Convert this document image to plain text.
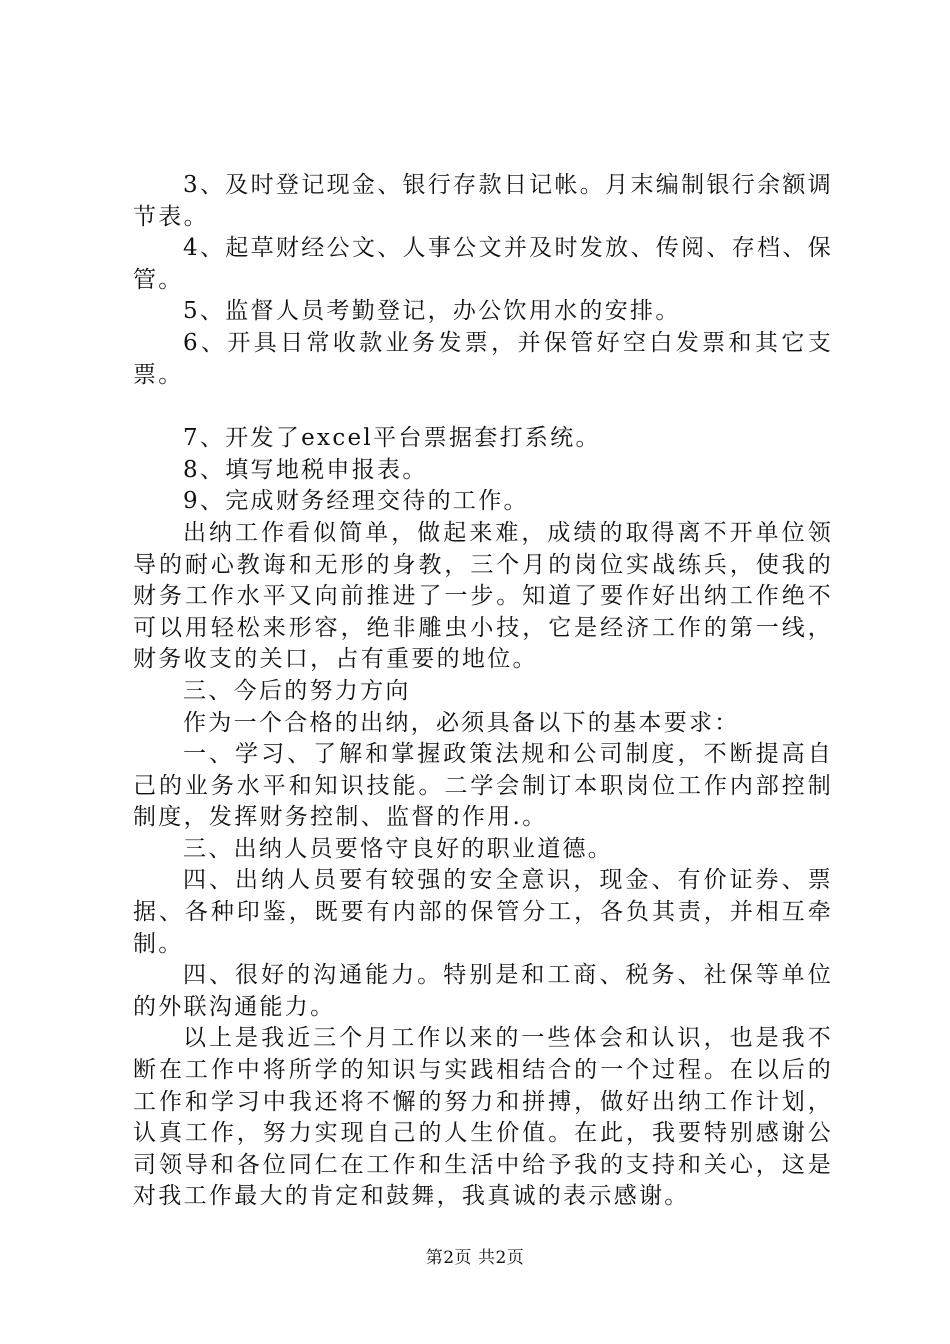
3、及时登记现金、银行存款日记帐。月末编制银行余额调节表。

4、起草财经公文、人事公文并及时发放、传阅、存档、保管。

5、监督人员考勤登记，办公饮用水的安排。

6、开具日常收款业务发票，并保管好空白发票和其它支票。

7、开发了excel平台票据套打系统。

8、填写地税申报表。

9、完成财务经理交待的工作。

出纳工作看似简单，做起来难，成绩的取得离不开单位领导的耐心教诲和无形的身教，三个月的岗位实战练兵，使我的财务工作水平又向前推进了一步。知道了要作好出纳工作绝不可以用轻松来形容，绝非雕虫小技，它是经济工作的第一线，财务收支的关口，占有重要的地位。

三、今后的努力方向

作为一个合格的出纳，必须具备以下的基本要求：

一、学习、了解和掌握政策法规和公司制度，不断提高自己的业务水平和知识技能。二学会制订本职岗位工作内部控制制度，发挥财务控制、监督的作用.。

三、出纳人员要恪守良好的职业道德。

四、出纳人员要有较强的安全意识，现金、有价证券、票据、各种印鉴，既要有内部的保管分工，各负其责，并相互牵制。

四、很好的沟通能力。特别是和工商、税务、社保等单位的外联沟通能力。

以上是我近三个月工作以来的一些体会和认识，也是我不断在工作中将所学的知识与实践相结合的一个过程。在以后的工作和学习中我还将不懈的努力和拼搏，做好出纳工作计划，认真工作，努力实现自己的人生价值。在此，我要特别感谢公司领导和各位同仁在工作和生活中给予我的支持和关心，这是对我工作最大的肯定和鼓舞，我真诚的表示感谢。

第2页 共2页
